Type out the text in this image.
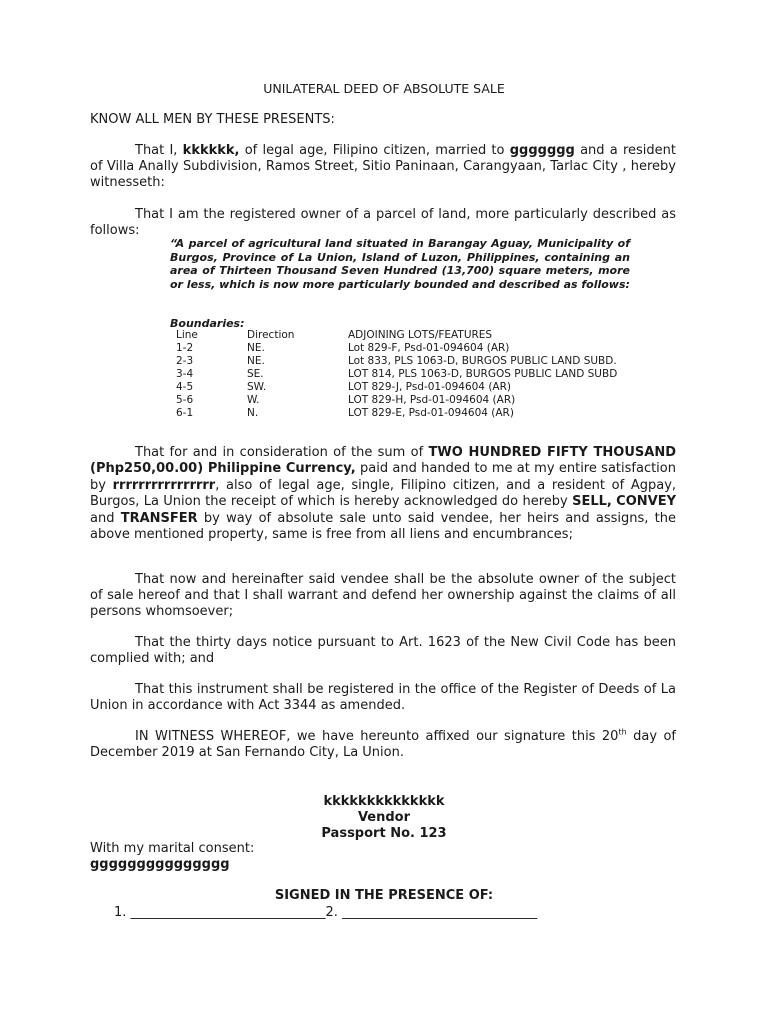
UNILATERAL DEED OF ABSOLUTE SALE
KNOW ALL MEN BY THESE PRESENTS:
That I, kkkkkk, of legal age, Filipino citizen, married to ggggggg and a resident of Villa Anally Subdivision, Ramos Street, Sitio Paninaan, Carangyaan, Tarlac City , hereby witnesseth:
That I am the registered owner of a parcel of land, more particularly described as follows:
“A parcel of agricultural land situated in Barangay Aguay, Municipality of Burgos, Province of La Union, Island of Luzon, Philippines, containing an area of Thirteen Thousand Seven Hundred (13,700) square meters, more or less, which is now more particularly bounded and described as follows:
Boundaries:
Line	Direction	ADJOINING LOTS/FEATURES
1-2	NE.	Lot 829-F, Psd-01-094604 (AR)
2-3	NE.	Lot 833, PLS 1063-D, BURGOS PUBLIC LAND SUBD.
3-4	SE.	LOT 814, PLS 1063-D, BURGOS PUBLIC LAND SUBD
4-5	SW.	LOT 829-J, Psd-01-094604 (AR)
5-6	W.	LOT 829-H, Psd-01-094604 (AR)
6-1	N.	LOT 829-E, Psd-01-094604 (AR)
That for and in consideration of the sum of TWO HUNDRED FIFTY THOUSAND (Php250,00.00) Philippine Currency, paid and handed to me at my entire satisfaction by rrrrrrrrrrrrrrrr, also of legal age, single, Filipino citizen, and a resident of Agpay, Burgos, La Union the receipt of which is hereby acknowledged do hereby SELL, CONVEY and TRANSFER by way of absolute sale unto said vendee, her heirs and assigns, the above mentioned property, same is free from all liens and encumbrances;
That now and hereinafter said vendee shall be the absolute owner of the subject of sale hereof and that I shall warrant and defend her ownership against the claims of all persons whomsoever;
That the thirty days notice pursuant to Art. 1623 of the New Civil Code has been complied with; and
That this instrument shall be registered in the office of the Register of Deeds of La Union in accordance with Act 3344 as amended.
IN WITNESS WHEREOF, we have hereunto affixed our signature this 20th day of December 2019 at San Fernando City, La Union.
kkkkkkkkkkkkkk
Vendor
Passport No. 123
With my marital consent:
ggggggggggggggg
SIGNED IN THE PRESENCE OF:
1. ______________________________2. ______________________________
